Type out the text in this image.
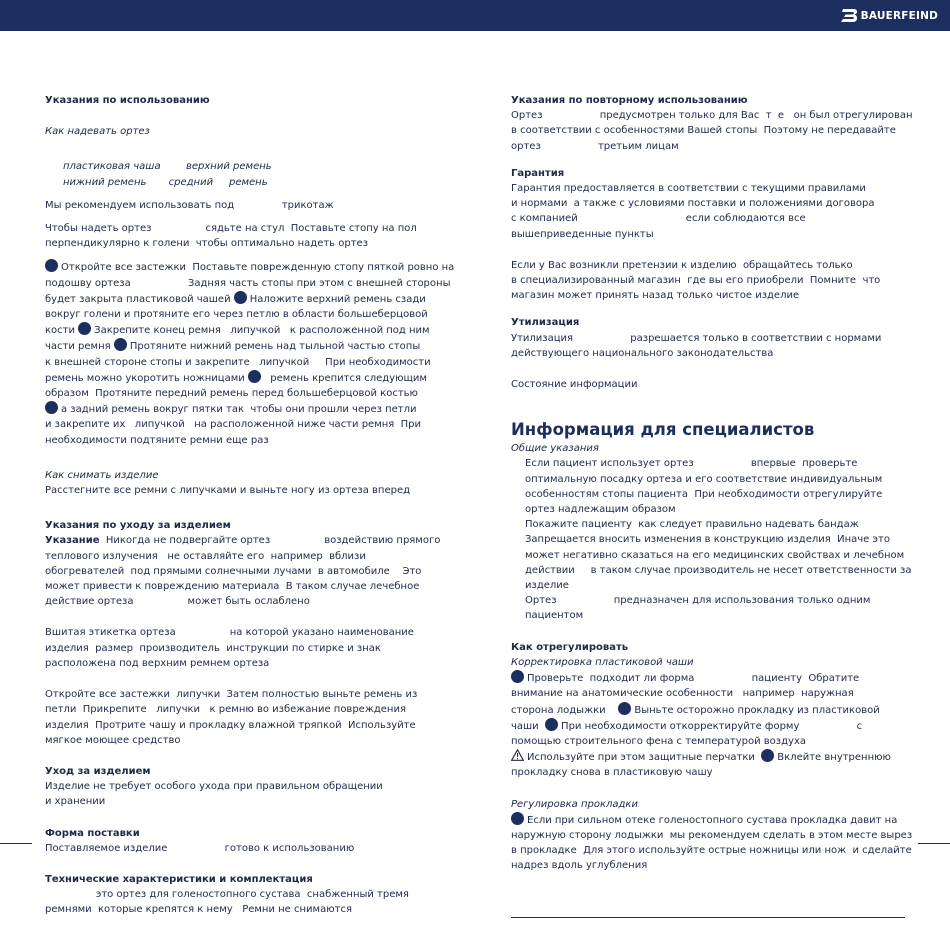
BAUERFEIND
Указания по использованию
Как надевать ортез
пластиковая чаша        верхний ремень
нижний ремень       средний     ремень
Мы рекомендуем использовать под               трикотаж
Чтобы надеть ортез                 сядьте на стул  Поставьте стопу на пол
перпендикулярно к голени  чтобы оптимально надеть ортез
Откройте все застежки  Поставьте поврежденную стопу пяткой ровно на
подошву ортеза                  Задняя часть стопы при этом с внешней стороны
будет закрыта пластиковой чашей Наложите верхний ремень сзади
вокруг голени и протяните его через петлю в области большеберцовой
кости Закрепите конец ремня   липучкой   к расположенной под ним
части ремня Протяните нижний ремень над тыльной частью стопы
к внешней стороне стопы и закрепите   липучкой     При необходимости
ремень можно укоротить ножницами   ремень крепится следующим
образом  Протяните передний ремень перед большеберцовой костью
а задний ремень вокруг пятки так  чтобы они прошли через петли
и закрепите их   липучкой   на расположенной ниже части ремня  При
необходимости подтяните ремни еще раз
Как снимать изделие
Расстегните все ремни с липучками и выньте ногу из ортеза вперед
Указания по уходу за изделием
Указание  Никогда не подвергайте ортез                 воздействию прямого
теплового излучения   не оставляйте его  например  вблизи
обогревателей  под прямыми солнечными лучами  в автомобиле    Это
может привести к повреждению материала  В таком случае лечебное
действие ортеза                 может быть ослаблено
Вшитая этикетка ортеза                 на которой указано наименование
изделия  размер  производитель  инструкции по стирке и знак
расположена под верхним ремнем ортеза
Откройте все застежки  липучки  Затем полностью выньте ремень из
петли  Прикрепите   липучки   к ремню во избежание повреждения
изделия  Протрите чашу и прокладку влажной тряпкой  Используйте
мягкое моющее средство
Уход за изделием
Изделие не требует особого ухода при правильном обращении
и хранении
Форма поставки
Поставляемое изделие                  готово к использованию
Технические характеристики и комплектация
это ортез для голеностопного сустава  снабженный тремя
ремнями  которые крепятся к нему   Ремни не снимаются
Указания по повторному использованию
Ортез                  предусмотрен только для Вас  т  е   он был отрегулирован
в соответствии с особенностями Вашей стопы  Поэтому не передавайте
ортез                  третьим лицам
Гарантия
Гарантия предоставляется в соответствии с текущими правилами
и нормами  а также с условиями поставки и положениями договора
с компанией                                  если соблюдаются все
вышеприведенные пункты
Если у Вас возникли претензии к изделию  обращайтесь только
в специализированный магазин  где вы его приобрели  Помните  что
магазин может принять назад только чистое изделие
Утилизация
Утилизация                  разрешается только в соответствии с нормами
действующего национального законодательства
Состояние информации
Информация для специалистов
Общие указания
Если пациент использует ортез                  впервые  проверьте
оптимальную посадку ортеза и его соответствие индивидуальным
особенностям стопы пациента  При необходимости отрегулируйте
ортез надлежащим образом
Покажите пациенту  как следует правильно надевать бандаж
Запрещается вносить изменения в конструкцию изделия  Иначе это
может негативно сказаться на его медицинских свойствах и лечебном
действии     в таком случае производитель не несет ответственности за
изделие
Ортез                  предназначен для использования только одним
пациентом
Как отрегулировать
Корректировка пластиковой чаши
Проверьте  подходит ли форма                  пациенту  Обратите
внимание на анатомические особенности   например  наружная
сторона лодыжки    Выньте осторожно прокладку из пластиковой
чаши  При необходимости откорректируйте форму                  с
помощью строительного фена с температурой воздуха
Используйте при этом защитные перчатки  Вклейте внутреннюю
прокладку снова в пластиковую чашу
Регулировка прокладки
Если при сильном отеке голеностопного сустава прокладка давит на
наружную сторону лодыжки  мы рекомендуем сделать в этом месте вырез
в прокладке  Для этого используйте острые ножницы или нож  и сделайте
надрез вдоль углубления
